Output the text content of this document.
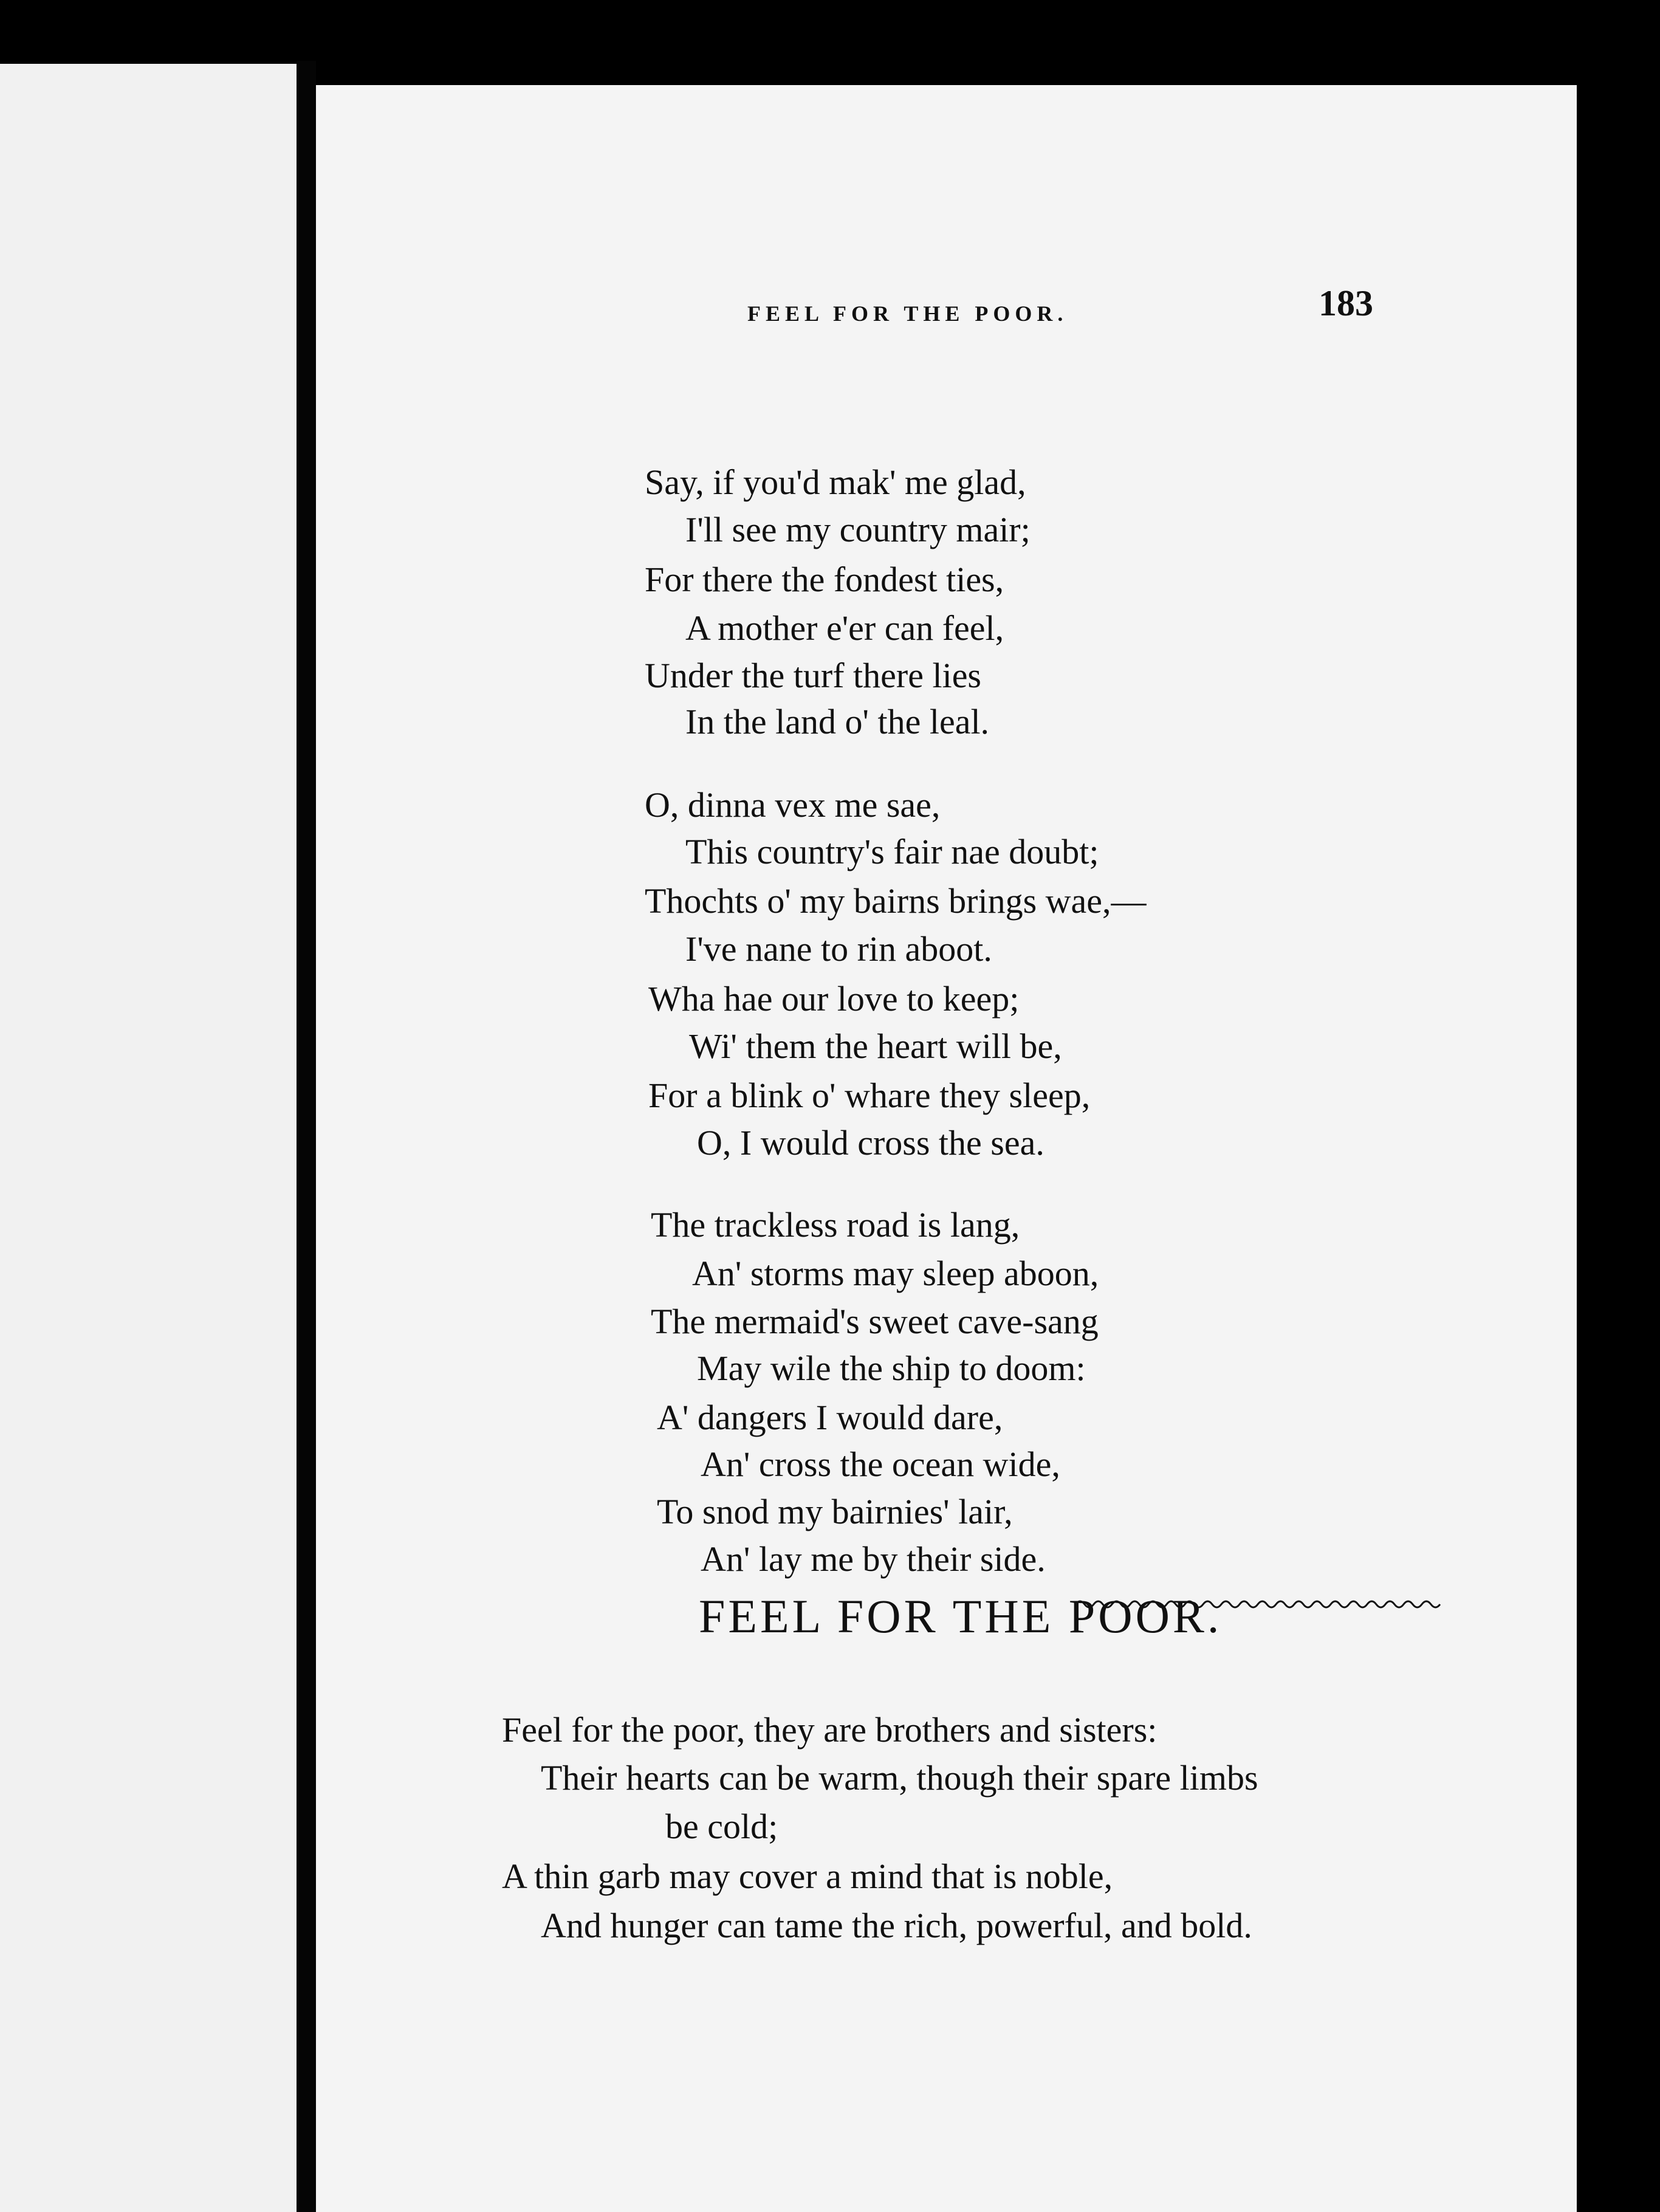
FEEL FOR THE POOR.	183
Say, if you'd mak' me glad,
I'll see my country mair;
For there the fondest ties,
A mother e'er can feel,
Under the turf there lies
In the land o' the leal.
O, dinna vex me sae,
This country's fair nae doubt;
Thochts o' my bairns brings wae,—
I've nane to rin aboot.
Wha hae our love to keep;
Wi' them the heart will be,
For a blink o' whare they sleep,
O, I would cross the sea.
The trackless road is lang,
An' storms may sleep aboon,
The mermaid's sweet cave-sang
May wile the ship to doom:
A' dangers I would dare,
An' cross the ocean wide,
To snod my bairnies' lair,
An' lay me by their side.
FEEL FOR THE POOR.
Feel for the poor, they are brothers and sisters:
Their hearts can be warm, though their spare limbs
be cold;
A thin garb may cover a mind that is noble,
And hunger can tame the rich, powerful, and bold.
